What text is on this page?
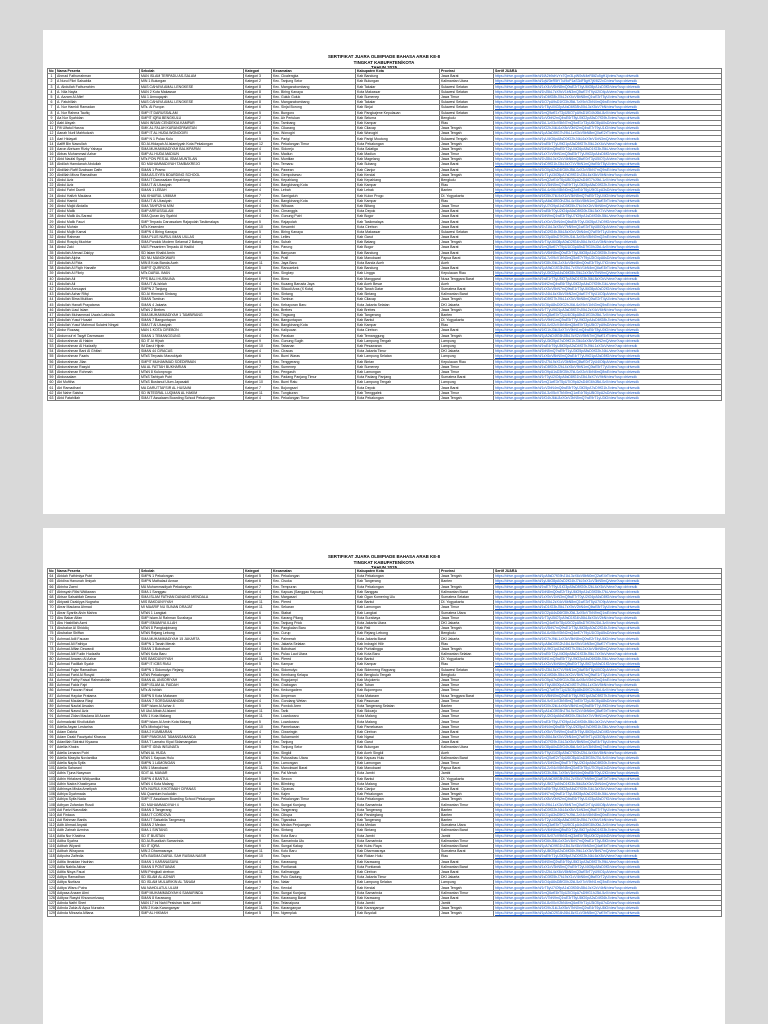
SERTIFIKAT JUARA OLIMPIADE BAHASA ARAB KE-8
TINGKAT KABUPATEN/KOTA
No	Nama Peserta	Sekolah	Kategori	Kecamatan	Kabupaten Kota	Provinsi	Sertif JUARA
1	Ahmad Fathurrahman	MAN ISLAM TERPADU AS-SALAM	Kategori 3	Kec. Cicalengka	Kab Bandung	Jawa Barat	https://drive.google.com/file/d/1fA2b9cKvYx7Qm3LpW0sN4eR8tZu5gH1j/view?usp=drivesdk
2	A Nurul Fikri Salsabila	MIN 1 Bulungan	Kategori 2	Kec. Tanjung Selor	Kab Bulungan	Kalimantan Utara	https://drive.google.com/file/d/1qW3eR5tY7uI9oP1aS3dF5gH7jK9lZ2xC/view?usp=drivesdk
3	A. Abdullah Fathurrahim	MAS CAHAYA AMAL LENGKESE	Kategori 8	Kec. Mangarabombang	Kab Takalar	Sulawesi Selatan	https://drive.google.com/file/d/1zX4cV6bN8mQ0wE2rT4yU6iO8pA1sD3fG/view?usp=drivesdk
4	A. Nila Nayla	MAN 2 Kota Makassar	Kategori 8	Kec. Biring Kanaya	Kota Makassar	Sulawesi Selatan	https://drive.google.com/file/d/1hJ5kL7zX9cV1bN3mQ5wE7rT9yU2iO4pA/view?usp=drivesdk
5	A. Azzam Al Afief	MA 1 Annuqayah	Kategori 6	Kec. Guluk Guluk	Kab Sumenep	Jawa Timur	https://drive.google.com/file/d/1sD6fG8hJ0kL2zX4cV6bN8mQ1wE3rT5yU/view?usp=drivesdk
6	A. Fatuhillah	MAS CAHAYA AMAL LENGKESE	Kategori 8	Kec. Mangarabombang	Kab Takalar	Sulawesi Selatan	https://drive.google.com/file/d/1iO7pA9sD1fG3hJ5kL7zX9cV2bN4mQ6wE/view?usp=drivesdk
7	A. Nur Hamidi Ramadan	MTs. Al Furqon	Kategori 6	Kec. Sinjai Borong	Kab Sinjai	Sulawesi Selatan	https://drive.google.com/file/d/1rT8yU0iO2pA4sD6fG8hJ0kL3zX5cV7bN/view?usp=drivesdk
8	A. Nur Rahma Taufiq	SMP IT DARUSSALAM	Kategori 5	Kec. Bungoro	Kab Pangkajene Kepulauan	Sulawesi Selatan	https://drive.google.com/file/d/1mQ9wE1rT3yU5iO7pA9sD1fG4hJ6kL8zX/view?usp=drivesdk
9	Aa Nur Syahidan	SMPIT IQRA BENGKULU	Kategori 2	Kec. Air Periukan	Kab Seluma	Bengkulu	https://drive.google.com/file/d/1cV0bN2mQ4wE6rT8yU0iO2pA5sD7fG9hJ/view?usp=drivesdk
10	Aabi Aisyah	MAN INSAN CENDEKIA KAMPAR	Kategori 3	Kec. Tambang	Kab Kampar	Riau	https://drive.google.com/file/d/1kL1zX3cV5bN7mQ9wE1rT3yU6iO8pA0sD/view?usp=drivesdk
11	Fifi Ulfatul Hasna	SMK AL FALAH KARANGPAWITAN	Kategori 4	Kec. Cikarang	Kab Cilacap	Jawa Tengah	https://drive.google.com/file/d/1fG2hJ4kL6zX8cV0bN2mQ4wE7rT9yU1iO/view?usp=drivesdk
12	Aanah Nuril Mahfudzah	SMP IT AL HUDA WONOGIRI	Kategori 5	Kec. Wonogiri	Kab Wonogiri	Jawa Tengah	https://drive.google.com/file/d/1pA3sD5fG7hJ9kL1zX3cV5bN8mQ0wE2rT/view?usp=drivesdk
13	Aari Hidayati	SMP N 1 Pulau Kulu	Kategori 5	Kec. Parigi	Kab Parigi Moutong	Sulawesi Tengah	https://drive.google.com/file/d/1yU4iO6pA8sD0fG2hJ4kL6zX9cV1bN3mQ/view?usp=drivesdk
14	Aafiff Bin Nasrullah	SD Al-Hidayah Al-Islamiyyah Kota Pekalongan	Kategori 12	Kec. Pekalongan Timur	Kota Pekalongan	Jawa Tengah	https://drive.google.com/file/d/1wE5rT7yU9iO1pA3sD5fG7hJ0kL2zX4cV/view?usp=drivesdk
15	Aaron Abrisam Rizky Yahaya	SMA MUHAMMADIYAH BALIKPAPAN	Kategori 4	Kec. Sidorejo	Kota Salatiga	Jawa Tengah	https://drive.google.com/file/d/1bN6mQ8wE0rT2yU4iO6pA8sD1fG3hJ5kL/view?usp=drivesdk
16	Abbas Muhammad Azhar	SMP AL HUDA MADIUN	Kategori 5	Kec. Madiun	Kab Madiun	Jawa Timur	https://drive.google.com/file/d/1zX7cV9bN1mQ3wE5rT7yU9iO2pA4sD6fG/view?usp=drivesdk
17	Abid Naufal Syaqil	MTs PON PES AL ISMA MUNTILAN	Kategori 6	Kec. Muntilan	Kab Magelang	Jawa Tengah	https://drive.google.com/file/d/1hJ8kL0zX2cV4bN6mQ8wE0rT3yU5iO7pA/view?usp=drivesdk
18	Abdilah Hamdanah Abdullah	SD MUHAMMADIYAH TAMBAKREJO	Kategori 9	Kec. Temanu	Kab Subang	Jawa Barat	https://drive.google.com/file/d/1sD9fG1hJ3kL5zX7cV9bN1mQ4wE6rT8yU/view?usp=drivesdk
19	Abdillah Rafif Dzakwan Dafin	SMAN 1 Pramo	Kategori 4	Kec. Pawean	Kab Cianjur	Jawa Barat	https://drive.google.com/file/d/1iO0pA2sD4fG6hJ8kL0zX2cV5bN7mQ9wE/view?usp=drivesdk
20	Abdillah Mirza Ramadhan	SMA AS-SYIFA BOARDING SCHOOL	Kategori 4	Kec. Gempolsewu	Kab Kendal	Jawa Tengah	https://drive.google.com/file/d/1rT1yU3iO5pA7sD9fG1hJ3kL6zX8cV0bN/view?usp=drivesdk
21	Abdul Aziz	SMA IT Darussalam Kepahiang	Kategori 4	Kec. Kepahiang	Kab Kepahiang	Bengkulu	https://drive.google.com/file/d/1mQ2wE4rT6yU8iO0pA2sD4fG7hJ9kL1zX/view?usp=drivesdk
22	Abdul Aziz	SMA IT Al Uluwiyah	Kategori 4	Kec. Bangkinang Kota	Kab Kampar	Riau	https://drive.google.com/file/d/1cV3bN5mQ7wE9rT1yU3iO5pA8sD0fG2hJ/view?usp=drivesdk
23	Abdul Fahri Dumit	SMAN 1 LEBAH	Kategori 4	Kec. Lebah	Kab Lebak	Banten	https://drive.google.com/file/d/1kL4zX6cV8bN0mQ2wE4rT6yU9iO1pA3sD/view?usp=drivesdk
24	Abdul Hafizh Maulana	MA KHAIRUL UMMAH	Kategori 7	Kec. Samigaluh	Kab Kulon Progo	DI. Yogyakarta	https://drive.google.com/file/d/1fG5hJ7kL9zX1cV3bN5mQ7wE0rT2yU4iO/view?usp=drivesdk
25	Abdul Hamid	SMA IT Al Uluwiyah	Kategori 4	Kec. Bangkinang Kota	Kab Kampar	Riau	https://drive.google.com/file/d/1pA6sD8fG0hJ2kL4zX6cV8bN1mQ3wE5rT/view?usp=drivesdk
26	Abdul Majid Abdalla	SMA TAHFIZHA MIM	Kategori 4	Kec. Wibawa	Kab Blitang	Jawa Timur	https://drive.google.com/file/d/1yU7iO9pA1sD3fG5hJ7kL9zX2cV4bN6mQ/view?usp=drivesdk
27	Abdul Malik	SMP ARRUSSALAM	Kategori 5	Kec. Cimanggis	Kota Depok	Jawa Barat	https://drive.google.com/file/d/1wE8rT0yU2iO4pA6sD8fG0hJ3kL5zX7cV/view?usp=drivesdk
28	Abdul Malik As-Sarawi	SMA Quran Ary Syahid	Kategori 4	Kec. Gunung Putri	Kab Bogor	Jawa Barat	https://drive.google.com/file/d/1bN9mQ1wE3rT5yU7iO9pA1sD4fG6hJ8kL/view?usp=drivesdk
29	Abdul Malik Fauzi	SMP Terpadu Darussalam Rajapolah Tasikmalaya	Kategori 5	Kec. Rajapolah	Kab Tasikmalaya	Jawa Barat	https://drive.google.com/file/d/1zX0cV2bN4mQ6wE8rT0yU3iO5pA7sD9fG/view?usp=drivesdk
30	Abdul Muhsin	MTs Kesenden	Kategori 10	Kec. Kesambi	Kota Cirebon	Jawa Barat	https://drive.google.com/file/d/1hJ1kL3zX5cV7bN9mQ1wE3rT6yU8iO0pA/view?usp=drivesdk
31	Abdul Mujib Kamal	SMPN 4 Biring Kanaya	Kategori 5	Kec. Biring Kanaya	Kota Makassar	Sulawesi Selatan	https://drive.google.com/file/d/1sD2fG4hJ6kL8zX0cV2bN4mQ7wE9rT1yU/view?usp=drivesdk
32	Abdul Rahman	SMA PLUS NURUL IMAN UILLAS	Kategori 4	Kec. Lelles	Kab Garut	Jawa Barat	https://drive.google.com/file/d/1iO3pA5sD7fG9hJ1kL3zX5cV8bN0mQ2wE/view?usp=drivesdk
33	Abdul Rosyiq Muchtar	SMA Pondok Modern Selamat 2 Batang	Kategori 4	Kec. Subah	Kab Batang	Jawa Tengah	https://drive.google.com/file/d/1rT4yU6iO8pA0sD2fG4hJ6kL9zX1cV3bN/view?usp=drivesdk
34	Abdul Zaki	MAS Pesantren Terpadu Al Hadiid	Kategori 8	Kec. Parung	Kab Bogor	Jawa Barat	https://drive.google.com/file/d/1mQ5wE7rT9yU1iO3pA5sD7fG0hJ2kL4zX/view?usp=drivesdk
35	Abdullah Ahmad Zakiyy	SD Islam Khalid Amin	Kategori 9	Kec. Banyuran	Kab Bandung	Jawa Barat	https://drive.google.com/file/d/1cV6bN8mQ0wE2rT4yU6iO8pA1sD3fG5hJ/view?usp=drivesdk
36	Abdullah Alpha	SD NU MANOKWARI	Kategori 9	Kec. Prafi	Kab Manokwari	Papua Barat	https://drive.google.com/file/d/1kL7zX9cV1bN3mQ5wE7rT9yU2iO4pA6sD/view?usp=drivesdk
37	Abdullah Al Fida	MIN 8 Kota Banda Aceh	Kategori 11	Kec. Jaya Baru	Kota Banda Aceh	Aceh	https://drive.google.com/file/d/1fG8hJ0kL2zX4cV6bN8mQ0wE3rT5yU7iO/view?usp=drivesdk
38	Abdullah Al Fiqih Hanafie	SMPIT QURROTA	Kategori 5	Kec. Rancaekek	Kab Bandung	Jawa Barat	https://drive.google.com/file/d/1pA9sD1fG3hJ5kL7zX9cV1bN4mQ6wE8rT/view?usp=drivesdk
39	Abdullah Al Fikriy	MTs DARUL IMAN	Kategori 6	Kec. Singkep	Kab Lingga	Kepulauan Riau	https://drive.google.com/file/d/1yU0iO2pA4sD6fG8hJ0kL2zX5cV7bN9mQ/view?usp=drivesdk
40	Abdullah Ali	PPS BALI HUSNUNA	Kategori 6	Kec. Bima	Kab Manggarai	Nusa Tenggara Barat	https://drive.google.com/file/d/1wE1rT3yU5iO7pA9sD1fG3hJ6kL8zX0cV/view?usp=drivesdk
41	Abdullah Ali	SMA IT Al-Ishlah	Kategori 4	Kec. Kuaang Barusta Jaya	Kab Aceh Besar	Aceh	https://drive.google.com/file/d/1bN2mQ4wE6rT8yU0iO2pA4sD7fG9hJ1kL/view?usp=drivesdk
42	Abdullah Annuqani	SMPN 2 Tanjung	Kategori 6	Kec. Silaudi Aras (X Kota)	Kab Tanah Datar	Sumatera Barat	https://drive.google.com/file/d/1zX3cV5bN7mQ9wE1rT3yU6iO8pA0sD2fG/view?usp=drivesdk
43	Abdullah Azhar Rifqi	SD Al Himmah Sintang	Kategori 9	Kec. Sintang	Kab Sintang	Kalimantan Barat	https://drive.google.com/file/d/1hJ4kL6zX8cV0bN2mQ4wE7rT9yU1iO3pA/view?usp=drivesdk
44	Abdullah Bima Mulikan	SMAN Tambun	Kategori 4	Kec. Tambun	Kab Cilacap	Jawa Tengah	https://drive.google.com/file/d/1sD5fG7hJ9kL1zX3cV5bN8mQ0wE2rT4yU/view?usp=drivesdk
45	Abdullah Hanafi Prayatama	SMAN 4 Jakarta	Kategori 4	Kec. Kebayoran Baru	Kota Jakarta Selatan	DKI Jakarta	https://drive.google.com/file/d/1iO6pA8sD0fG2hJ4kL6zX9cV1bN3mQ5wE/view?usp=drivesdk
46	Abdullah Liaul Islam	MTsN 2 Brebes	Kategori 6	Kec. Brebes	Kab Brebes	Jawa Tengah	https://drive.google.com/file/d/1rT7yU9iO1pA3sD5fG7hJ0kL2zX4cV6bN/view?usp=drivesdk
47	Abdullah Muhammad Uwais Lathiulla	SMA MUHAMMADIYAH 1 TAMBIRANG	Kategori 2	Kec. Tingsong	Kab Tangerang	Banten	https://drive.google.com/file/d/1mQ8wE0rT2yU4iO6pA8sD1fG3hJ5kL7zX/view?usp=drivesdk
48	Abdullah Yusuf Husairi	SMAN 7 Banguntapan	Kategori 4	Kec. Banguntapan	Kab Bantul	DI. Yogyakarta	https://drive.google.com/file/d/1cV9bN1mQ3wE5rT7yU9iO2pA4sD6fG8hJ/view?usp=drivesdk
49	Abdullah Yusuf Mahmud Sulaimi Ningat	SMA IT Al Uluwiyah	Kategori 4	Kec. Bangkinang Kota	Kab Kampar	Riau	https://drive.google.com/file/d/1kL0zX2cV4bN6mQ8wE0rT3yU5iO7pA9sD/view?usp=drivesdk
50	Abdur Rozaaq	MAN 1 KOTA CIREBON	Kategori 8	Kec. Kalipucan	Kota Cirebon	Jawa Barat	https://drive.google.com/file/d/1fG1hJ3kL5zX7cV9bN1mQ4wE6rT8yU0iO/view?usp=drivesdk
51	Abdurrouf el Taqyif Darmawan	SMAN 1 TEMANGGUNG	Kategori 4	Kec. Parakan	Kab Temanggung	Jawa Tengah	https://drive.google.com/file/d/1pA2sD4fG6hJ8kL0zX2cV5bN7mQ9wE1rT/view?usp=drivesdk
52	Abdurrahman Al Hakim	SD IT Al Hijrah	Kategori 9	Kec. Gunung Sugih	Kab Lampung Tengah	Lampung	https://drive.google.com/file/d/1yU3iO5pA7sD9fG1hJ3kL6zX8cV0bN2mQ/view?usp=drivesdk
53	Abdurrahman Al Hudzaify	IM Darul Hijrah	Kategori 10	Kec. Tabanan	Kab Pesawaran	Lampung	https://drive.google.com/file/d/1wE4rT6yU8iO0pA2sD4fG7hJ9kL1zX3cV/view?usp=drivesdk
54	Abdurrahman Bani Al Ghifari	SMAN 44 CIRACAS	Kategori 4	Kec. Ciracas	Kota Jakarta Timur	DKI Jakarta	https://drive.google.com/file/d/1bN5mQ7wE9rT1yU3iO5pA8sD0fG2hJ4kL/view?usp=drivesdk
55	Abdurrahman Faaris	MTsS Terpadu Marzukiyah	Kategori 6	Kec. Bumi Waras	Kab Lampung Selatan	Lampung	https://drive.google.com/file/d/1zX6cV8bN0mQ2wE4rT7yU9iO1pA3sD5fG/view?usp=drivesdk
56	Abdurrahman Jilan	SMPIT MUHAMMAD SOEDIRMAN	Kategori 5	Kec. Tenggerang	Kab Bintan	Kepulauan Riau	https://drive.google.com/file/d/1hJ7kL9zX1cV3bN5mQ8wE0rT2yU4iO6pA/view?usp=drivesdk
57	Abdurrahman Rasyid	MA AL FATTAH BUKHARIAN	Kategori 7	Kec. Sumenep	Kab Sumenep	Jawa Timur	https://drive.google.com/file/d/1sD8fG0hJ2kL4zX6cV9bN1mQ3wE5rT7yU/view?usp=drivesdk
58	Abdurrahman Rohmah	MTsN 8 Kulonprogo	Kategori 6	Kec. Pengasih	Kab Lamongan	Jawa Timur	https://drive.google.com/file/d/1iO9pA1sD3fG5hJ7kL0zX2cV4bN6mQ8wE/view?usp=drivesdk
59	Abdussalam	MTsS Tarbiyah Putri	Kategori 6	Kec. Padang Panjang Timur	Kota Padang Panjang	Sumatera Barat	https://drive.google.com/file/d/1rT0yU2iO4pA6sD8fG1hJ3kL5zX7cV9bN/view?usp=drivesdk
60	Abi Muftiha	MTsS Bustanul Ulum Jayasakti	Kategori 10	Kec. Bumi Ratu	Kab Lampung Tengah	Lampung	https://drive.google.com/file/d/1mQ1wE3rT5yU7iO9pA2sD4fG6hJ8kL0zX/view?usp=drivesdk
61	Abi Ramadhani	MA DARUTTAFSIR AL HUSAINI	Kategori 7	Kec. Bojongsari	Kota Depok	Jawa Barat	https://drive.google.com/file/d/1cV2bN4mQ6wE8rT0yU3iO5pA7sD9fG1hJ/view?usp=drivesdk
62	Abi Nahe Saisha	SD INTEGRAL LUQMAN AL HAKIM	Kategori 11	Kec. Tungkuran	Kab Trenggalek	Jawa Timur	https://drive.google.com/file/d/1kL3zX5cV7bN9mQ1wE4rT6yU8iO0pA2sD/view?usp=drivesdk
63	Abid Fatahillah	SMA IT Assalaam Boarding School Pekalongan	Kategori 4	Kec. Pekalongan Timur	Kota Pekalongan	Jawa Tengah	https://drive.google.com/file/d/1fG4hJ6kL8zX0cV2bN5mQ7wE9rT1yU3iO/view?usp=drivesdk
SERTIFIKAT JUARA OLIMPIADE BAHASA ARAB KE-8
TINGKAT KABUPATEN/KOTA
No	Nama Peserta	Sekolah	Kategori	Kecamatan	Kabupaten Kota	Provinsi	Sertif JUARA
64	Abidah Fathimiya Putri	SMPN 1 Pekalongan	Kategori 5	Kec. Pekalongan	Kota Pekalongan	Jawa Tengah	https://drive.google.com/file/d/1pA5sD7fG9hJ1kL3zX6cV8bN0mQ2wE4rT/view?usp=drivesdk
65	Abidina Hanunah Ilmiyah	SMPN Mathalaul Anwar	Kategori 6	Kec. Cisoka	Kab Tangerang	Banten	https://drive.google.com/file/d/1yU6iO8pA0sD2fG4hJ7kL9zX1cV3bN5mQ/view?usp=drivesdk
66	Abinha Zaeni	MA Muhammadiyah Pekalongan	Kategori 7	Kec. Tempuran	Kota Pekalongan	Jawa Tengah	https://drive.google.com/file/d/1wE7rT9yU1iO3pA5sD8fG0hJ2kL4zX6cV/view?usp=drivesdk
67	Abinsyah Rifai Widiawan	SMA 1 Sanggau	Kategori 4	Kec. Kapuas (Sanggau Kapuas)	Kab Sanggau	Kalimantan Barat	https://drive.google.com/file/d/1bN8mQ0wE2rT4yU6iO9pA1sD3fG5hJ7kL/view?usp=drivesdk
68	Abisar Salsabilah Dawna	SMA ISLAM FATHAN DANANG MENDALA	Kategori 4	Kec. Margasari	Kab Ogan Komering Ulu	Sumatera Selatan	https://drive.google.com/file/d/1zX9cV1bN3mQ5wE7rT0yU2iO4pA6sD8fG/view?usp=drivesdk
69	Abiyasti Dzakiyya Nugraha	MIS BAKDUNYIYAH	Kategori 11	Kec. Plered	Kab Bantul	DI. Yogyakarta	https://drive.google.com/file/d/1hJ0kL2zX4cV6bN8mQ1wE3rT5yU7iO9pA/view?usp=drivesdk
70	Abrar Maulana Ahmad	MI MAARIF NU SUNAN DRAJAT	Kategori 11	Kec. Sekaran	Kab Lamongan	Jawa Timur	https://drive.google.com/file/d/1sD1fG3hJ5kL7zX9cV2bN4mQ6wE8rT0yU/view?usp=drivesdk
71	Abrar Syarifa Alvin Mahra	MTsN 1 Langkat	Kategori 6	Kec. Stabat	Kab Langkat	Sumatera Utara	https://drive.google.com/file/d/1iO2pA4sD6fG8hJ0kL3zX5cV7bN9mQ1wE/view?usp=drivesdk
72	Abu Bakar Alfan	SMP Islam Al Rahman Surabaya	Kategori 5	Kec. Karang Pilang	Kota Surabaya	Jawa Timur	https://drive.google.com/file/d/1rT3yU5iO7pA9sD1fG4hJ6kL8zX0cV2bN/view?usp=drivesdk
73	Abu Hasbillah Azmi	SMP ISMAMIYA ILLAH	Kategori 5	Kec. Tanjung Priok	Kota Jakarta Utara	DKI Jakarta	https://drive.google.com/file/d/1mQ4wE6rT8yU0iO2pA5sD7fG9hJ1kL3zX/view?usp=drivesdk
74	Abubakar Al Shiddiq	MTsN 8 Pangkalpinang	Kategori 6	Kec. Pangkalan Baru	Kab Pati	Jawa Tengah	https://drive.google.com/file/d/1cV5bN7mQ9wE1rT3yU6iO8pA0sD2fG4hJ/view?usp=drivesdk
75	Abubakar Shiffan	MTsN Rejang Lebong	Kategori 6	Kec. Curup	Kab Rejang Lebong	Bengkulu	https://drive.google.com/file/d/1kL6zX8cV0bN2mQ4wE7rT9yU1iO3pA5sD/view?usp=drivesdk
76	Achmad Adli Fauzan	SMA MUHAMMADIYAH 15 JAKARTA	Kategori 4	Kec. Palmerah	Kota Jakarta Barat	DKI Jakarta	https://drive.google.com/file/d/1fG7hJ9kL1zX3cV5bN8mQ0wE2rT4yU6iO/view?usp=drivesdk
77	Achmad Ali Fathiya	SMPN 1 Tanah Merah	Kategori 5	Kec. Jakarta Selatan	Kab Indragiri Hilir	Riau	https://drive.google.com/file/d/1pA8sD0fG2hJ4kL6zX9cV1bN3mQ5wE7rT/view?usp=drivesdk
78	Achmad Alfian Dewandi	SMAN 1 Bobotsari	Kategori 4	Kec. Bobotsari	Kab Purbalingga	Jawa Tengah	https://drive.google.com/file/d/1yU9iO1pA3sD5fG7hJ0kL2zX4cV6bN8mQ/view?usp=drivesdk
79	Achmad Alif Fudin Hudzaifa	MTsN Kota Baru	Kategori 6	Kec. Pulau Laut Utara	Kab Kota Baru	Kalimantan Selatan	https://drive.google.com/file/d/1wE0rT2yU4iO6pA8sD1fG3hJ5kL7zX9cV/view?usp=drivesdk
80	Achmad Anwaru Al Azhar	MIS BAKDUNYIYAH	Kategori 11	Kec. Plered	Kab Bantul	DI. Yogyakarta	https://drive.google.com/file/d/1bN1mQ3wE5rT7yU9iO2pA4sD6fG8hJ0kL/view?usp=drivesdk
81	Achmad Fadillah Syakir	SMP IT ICBS RIAU	Kategori 5	Kec. Kampar	Kab Kampar	Riau	https://drive.google.com/file/d/1zX2cV4bN6mQ8wE0rT3yU5iO7pA9sD1fG/view?usp=drivesdk
82	Achmad Fajar Ramadhan	SMPN 1 Sidomulyo Rejang	Kategori 5	Kec. Sidomulyo	Kab Sidenreng Rappang	Sulawesi Selatan	https://drive.google.com/file/d/1hJ3kL5zX7cV9bN1mQ4wE6rT8yU0iO2pA/view?usp=drivesdk
83	Achmad Farid Al Rosyid	MTsN Pekalongan	Kategori 6	Kec. Kembang Kelapa	Kab Bengkulu Tengah	Bengkulu	https://drive.google.com/file/d/1sD4fG6hJ8kL0zX2cV5bN7mQ9wE1rT3yU/view?usp=drivesdk
84	Achmad Fathy Faisal Rahmatullah	SMAN AL ANSORIYAH	Kategori 4	Kec. Rogojampi	Kab Mojokerto	Jawa Timur	https://drive.google.com/file/d/1iO5pA7sD9fG1hJ3kL6zX8cV0bN2mQ4wE/view?usp=drivesdk
85	Achmad Faidz Fajri	SMP ISLAM AL FAIDAH	Kategori 5	Kec. Grabagan	Kab Tuban	Jawa Timur	https://drive.google.com/file/d/1rT6yU8iO0pA2sD4fG7hJ9kL1zX3cV5bN/view?usp=drivesdk
86	Achmad Fauzan Faisal	MTs Al Ishlah	Kategori 6	Kec. Kedungadem	Kab Bojonegoro	Jawa Timur	https://drive.google.com/file/d/1mQ7wE9rT1yU3iO5pA8sD0fG2hJ4kL6zX/view?usp=drivesdk
87	Achmad Haydar Pratama	SMPN 5 Kota Mataram	Kategori 5	Kec. Ampenan	Kota Mataram	Nusa Tenggara Barat	https://drive.google.com/file/d/1cV8bN0mQ2wE4rT6yU9iO1pA3sD5fG7hJ/view?usp=drivesdk
88	Achmad Maulana Rizqi	SMAN 7 SORDAMANNOBI	Kategori 4	Kec. Gondang Wetan	Kab Pasuruan	Jawa Timur	https://drive.google.com/file/d/1kL9zX1cV3bN5mQ7wE0rT2yU4iO6pA8sD/view?usp=drivesdk
89	Achmad Naufal Arsalan	SMP Islam Al Azhar 4	Kategori 5	Kec. Pondok Aren	Kota Tangerang Selatan	Banten	https://drive.google.com/file/d/1fG0hJ2kL4zX6cV8bN1mQ3wE5rT7yU9iO/view?usp=drivesdk
90	Achmad Nasrul Aziz	MI Ulul Albab Al-Islami	Kategori 11	Kec. Tarik	Kab Sidoarjo	Jawa Timur	https://drive.google.com/file/d/1pA1sD3fG5hJ7kL9zX2cV4bN6mQ8wE0rT/view?usp=drivesdk
91	Achmad Zidan Maulana Ali Azzam	MIN 1 Kota Malang	Kategori 11	Kec. Lowokwaru	Kota Malang	Jawa Timur	https://drive.google.com/file/d/1yU2iO4pA6sD8fG0hJ3kL5zX7cV9bN1mQ/view?usp=drivesdk
92	Achmadzaki Kholiulullah	SMP Islam Al Amin Kota Malang	Kategori 5	Kec. Lowokwaru	Kota Malang	Jawa Timur	https://drive.google.com/file/d/1wE3rT5yU7iO9pA1sD4fG6hJ8kL0zX2cV/view?usp=drivesdk
93	Adelia Asyan Lestarina	MTs Minhajul Haq	Kategori 10	Kec. Pamekasan	Kab Pamekasan	Jawa Timur	https://drive.google.com/file/d/1bN4mQ6wE8rT0yU2iO5pA7sD9fG1hJ3kL/view?usp=drivesdk
94	Adam Dzkria	SMA 2 KUMBARAN	Kategori 4	Kec. Ciwaringin	Kab Cirebon	Jawa Barat	https://drive.google.com/file/d/1zX5cV7bN9mQ1wE3rT6yU8iO0pA2sD4fG/view?usp=drivesdk
95	Adam Dzaki Fauziyatul Khasna	SMP PANGKAS TAMANSANANDA	Kategori 5	Kec. Sukamantri	Kab Ngawi	Jawa Timur	https://drive.google.com/file/d/1hJ6kL8zX0cV2bN4mQ7wE9rT1yU3iO5pA/view?usp=drivesdk
96	Adanillah Sidratul Kiyaana	SMA T Lamahu Kiyai Sidamangalan	Kategori 4	Kec. Tanjung	Kab Garut	Jawa Barat	https://drive.google.com/file/d/1sD7fG9hJ1kL3zX5cV8bN0mQ2wE4rT6yU/view?usp=drivesdk
97	Adeliia Khaira	SMPIT IDNA INSUNATA	Kategori 5	Kec. Tanjung Selor	Kab Bulungan	Kalimantan Utara	https://drive.google.com/file/d/1iO8pA0sD2fG4hJ6kL9zX1cV3bN5mQ7wE/view?usp=drivesdk
98	Adelia Lenaran Putri	MTsN AL HUDA	Kategori 6	Kec. Singkil	Kab Aceh Singkil	Aceh	https://drive.google.com/file/d/1rT9yU1iO3pA5sD7fG0hJ2kL4zX6cV8bN/view?usp=drivesdk
99	Adelia Masyita Noviantika	MTsN 1 Kapuas Hulu	Kategori 6	Kec. Putussibau Utara	Kab Kapuas Hulu	Kalimantan Barat	https://drive.google.com/file/d/1mQ0wE2rT4yU6iO8pA1sD3fG5hJ7kL9zX/view?usp=drivesdk
100	Adelia Nayla Syifa	SMPN 1 LAMONGAN	Kategori 5	Kec. Lamongan	Kab Lamongan	Jawa Timur	https://drive.google.com/file/d/1cV1bN3mQ5wE7rT9yU2iO4pA6sD8fG0hJ/view?usp=drivesdk
101	Adelia Saharani	MIN 1 Manokwari	Kategori 11	Kec. Manokwari Barat	Kab Manokwari	Papua Barat	https://drive.google.com/file/d/1kL2zX4cV6bN8mQ0wE3rT5yU7iO9pA1sD/view?usp=drivesdk
102	Adhis Tjuna Nasywan	SDIT AL MANAR	Kategori 9	Kec. Pal Merah	Kota Jambi	Jambi	https://drive.google.com/file/d/1fG3hJ5kL7zX9cV1bN4mQ6wE8rT0yU2iO/view?usp=drivesdk
103	Adhin Hirlaksmi Widiyantika	SMPN 4 BANTUL	Kategori 5	Kec. Sewon	Kab Bantul	DI. Yogyakarta	https://drive.google.com/file/d/1pA4sD6fG8hJ0kL2zX5cV7bN9mQ1wE3rT/view?usp=drivesdk
104	Adhin Nadra Khastiryana	MTsN 4 Kota Malang	Kategori 6	Kec. Blimbing	Kota Malang	Jawa Timur	https://drive.google.com/file/d/1yU5iO7pA9sD1fG3hJ6kL8zX0cV2bN4mQ/view?usp=drivesdk
105	Adhinsya Miska Ameliyah	MTs NURUL KHOTIMAH CIPANAS	Kategori 6	Kec. Cipanas	Kab Cianjur	Jawa Barat	https://drive.google.com/file/d/1wE6rT8yU0iO2pA4sD7fG9hJ1kL3zX5cV/view?usp=drivesdk
106	Adhiya Dyahmada	MA Quantum Ivuluddin	Kategori 7	Kec. Kajen	Kab Pekalongan	Jawa Tengah	https://drive.google.com/file/d/1bN7mQ9wE1rT3yU5iO8pA0sD2fG4hJ6kL/view?usp=drivesdk
107	Adhiya Syifa Nada	SMP IT Assalaam Boarding School Pekalongan	Kategori 5	Kec. Pekalongan Timur	Kota Pekalongan	Jawa Tengah	https://drive.google.com/file/d/1zX8cV0bN2mQ4wE6rT9yU1iO3pA5sD7fG/view?usp=drivesdk
108	Adhyan Zufardan Rusdi	SD MUHAMMADIYAH 4	Kategori 9	Kec. Sungai Kunjang	Kota Samarinda	Kalimantan Timur	https://drive.google.com/file/d/1hJ9kL1zX3cV5bN7mQ0wE2rT4yU6iO8pA/view?usp=drivesdk
109	Adi Farizi Nasrullah	SMAN 3 Tangerang	Kategori 4	Kec. Tangerang	Kota Tangerang	Banten	https://drive.google.com/file/d/1sD0fG2hJ4kL6zX8cV1bN3mQ5wE7rT9yU/view?usp=drivesdk
110	Adi Firdaus	SMA IT CORDOVA	Kategori 4	Kec. Cibupa	Kab Pandeglang	Banten	https://drive.google.com/file/d/1iO1pA3sD5fG7hJ9kL2zX4cV6bN8mQ0wE/view?usp=drivesdk
111	Adi Rahman Baniis	SMA IT Salsabila Tangerang	Kategori 4	Kec. Tigaraksa	Kab Tangerang	Banten	https://drive.google.com/file/d/1rT2yU4iO6pA8sD0fG3hJ5kL7zX9cV1bN/view?usp=drivesdk
112	Adib Ahmad Anyaki	SMAN 2 Medan	Kategori 4	Kec. Medan Perjuangan	Kota Medan	Sumatera Utara	https://drive.google.com/file/d/1mQ3wE5rT7yU9iO1pA4sD6fG8hJ0kL2zX/view?usp=drivesdk
113	Adib Zahrah Azmina	SMA 1 SINTANG	Kategori 4	Kec. Sintang	Kab Sintang	Kalimantan Barat	https://drive.google.com/file/d/1cV4bN6mQ8wE0rT2yU5iO7pA9sD1fG3hJ/view?usp=drivesdk
114	Adila Nur Khairina	SD IT BUSTAN	Kategori 9	Kec. Kota Baru	Kota Jambi	Jambi	https://drive.google.com/file/d/1kL5zX7cV9bN1mQ3wE6rT8yU0iO2pA4sD/view?usp=drivesdk
115	Adiba Syahra	SD Al-Ruzaikah Samarinda	Kategori 9	Kec. Samarinda Ulu	Kota Samarinda	Kalimantan Timur	https://drive.google.com/file/d/1fG6hJ8kL0zX2cV4bN7mQ9wE1rT3yU5iO/view?usp=drivesdk
116	Adibah Wiyanti	SD IT IQRA	Kategori 9	Kec. Sungai Kakap	Kab Kubu Raya	Kalimantan Barat	https://drive.google.com/file/d/1pA7sD9fG1hJ3kL5zX8cV0bN2mQ4wE6rT/view?usp=drivesdk
117	Adibah Wirayana	MIN 2 Dharmasraya	Kategori 11	Kec. Koto Baru	Kab Dharmasraya	Sumatera Barat	https://drive.google.com/file/d/1yU8iO0pA2sD4fG6hJ9kL1zX3cV5bN7mQ/view?usp=drivesdk
118	Adiputra Zaifedia	MTs BASMA DARUL SAH RASMA NASIR	Kategori 10	Kec. Tapos	Kab Rokan Hulu	Riau	https://drive.google.com/file/d/1wE9rT1yU3iO5pA7sD0fG2hJ4kL6zX8cV/view?usp=drivesdk
119	Aditia Ibnaidan Hadrian	SMAN 1 KARANASAYA	Kategori 4	Kec. Karawang	Kab Karawang	Jawa Barat	https://drive.google.com/file/d/1bN0mQ2wE4rT6yU8iO1pA3sD5fG7hJ9kL/view?usp=drivesdk
120	Adila Nabila Akbar	SMAN 5 PONTIANAK	Kategori 4	Kec. Pontianak	Kota Pontianak	Kalimantan Barat	https://drive.google.com/file/d/1zX1cV3bN5mQ7wE9rT2yU4iO6pA8sD0fG/view?usp=drivesdk
121	Aditia Nisya Fauzi	MIN Pringkali cirebon	Kategori 11	Kec. Kalimangga	Kab Cirebon	Jawa Barat	https://drive.google.com/file/d/1hJ2kL4zX6cV8bN0mQ3wE5rT7yU9iO1pA/view?usp=drivesdk
122	Aditya Ramadhan	SD ISLAM AL AZHAR	Kategori 9	Kec. Pulo Gadung	Kota Jakarta Timur	DKI Jakarta	https://drive.google.com/file/d/1sD3fG5hJ7kL9zX1cV4bN6mQ8wE0rT2yU/view?usp=drivesdk
123	Aditya Nurfaza	SD ISLAM MULARIKIN AL TANAM	Kategori 9	Kec. Natar	Kab Lampung Selatan	Lampung	https://drive.google.com/file/d/1iO4pA6sD8fG0hJ2kL5zX7cV9bN1mQ3wE/view?usp=drivesdk
124	Aditya Wisnu Putra	MA NAHDLATUL ULUM	Kategori 7	Kec. Kendal	Kab Kendal	Jawa Tengah	https://drive.google.com/file/d/1rT5yU7iO9pA1sD3fG6hJ8kL0zX2cV4bN/view?usp=drivesdk
125	Adiyasa Anzam Almi	SMP MUHAMMADIYAH 6 SAMARINDA	Kategori 5	Kec. Sungai Kunjang	Kota Samarinda	Kalimantan Timur	https://drive.google.com/file/d/1mQ6wE8rT0yU2iO4pA7sD9fG1hJ3kL5zX/view?usp=drivesdk
126	Adityaz Rasyid Khusnurrizaaq	SMAN 8 Karawang	Kategori 4	Kec. Karawang Barat	Kab Karawang	Jawa Barat	https://drive.google.com/file/d/1cV7bN9mQ1wE3rT5yU8iO0pA2sD4fG6hJ/view?usp=drivesdk
127	Adinda Nafiri Sheri	MAN 17 Ini Nahl Pesisiran Iwan Jambi	Kategori 8	Kec. Telanaipura	Kota Jambi	Jambi	https://drive.google.com/file/d/1kL8zX0cV2bN4mQ6wE9rT1yU3iO5pA7sD/view?usp=drivesdk
128	Adinda Zakia Al Aqsa Nurazira	MIN 2 Kota Karanganyar	Kategori 11	Kec. Karanganyar	Kab Karanganyar	Jawa Tengah	https://drive.google.com/file/d/1fG9hJ1kL3zX5cV7bN0mQ2wE4rT6yU8iO/view?usp=drivesdk
129	Adinda Mirzazia Alfiana	SMP AL HIKMAH	Kategori 5	Kec. Ngemplak	Kab Boyolali	Jawa Tengah	https://drive.google.com/file/d/1pA0sD2fG4hJ6kL8zX1cV3bN5mQ7wE9rT/view?usp=drivesdk
